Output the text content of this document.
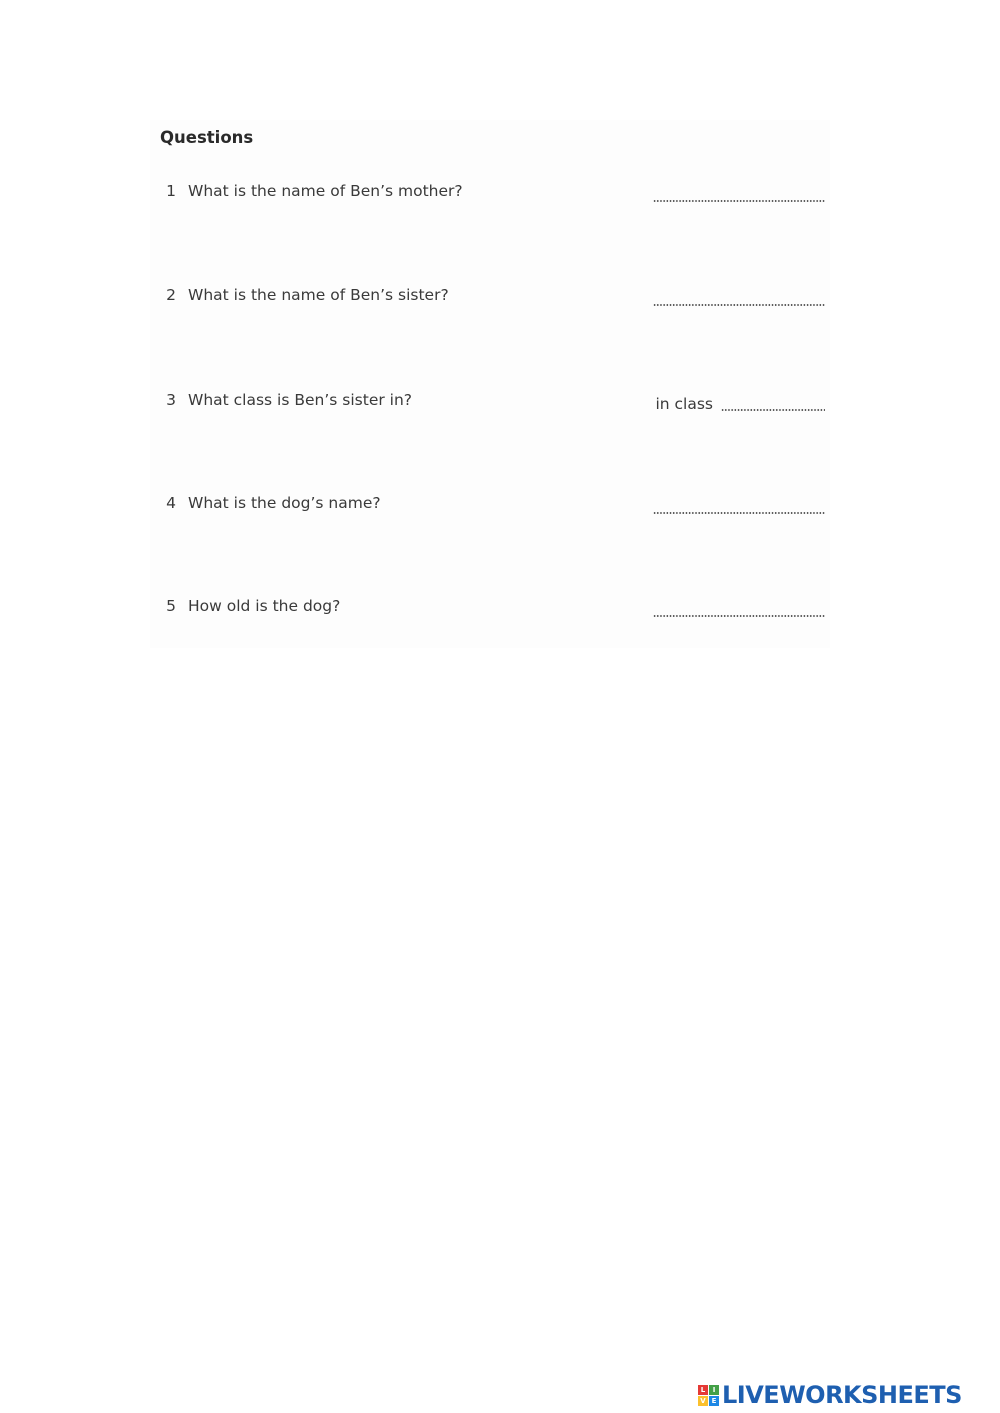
Questions
1 What is the name of Ben’s mother?
2 What is the name of Ben’s sister?
3 What class is Ben’s sister in?	in class
4 What is the dog’s name?
5 How old is the dog?
L	I
V E LIVEWORKSHEETS
